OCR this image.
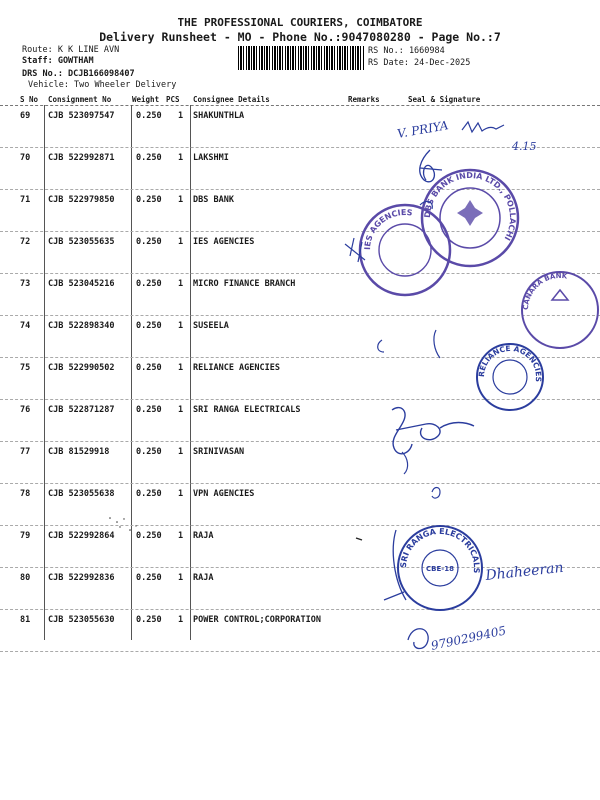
THE PROFESSIONAL COURIERS, COIMBATORE
Delivery Runsheet - MO - Phone No.:9047080280 - Page No.:7
Route: K K LINE AVN
Staff: GOWTHAM
DRS No.: DCJB166098407
Vehicle: Two Wheeler Delivery
RS No.: 1660984
RS Date: 24-Dec-2025
S No Consignment No	Weight PCS Consignee Details	Remarks	Seal & Signature
69 CJB 523097547	0.250 1 SHAKUNTHLA
70 CJB 522992871	0.250 1 LAKSHMI
71 CJB 522979850	0.250 1 DBS BANK
72 CJB 523055635	0.250 1 IES AGENCIES
73 CJB 523045216	0.250 1 MICRO FINANCE BRANCH
74 CJB 522898340	0.250 1 SUSEELA
75 CJB 522990502	0.250 1 RELIANCE AGENCIES
76 CJB 522871287	0.250 1 SRI RANGA ELECTRICALS
77 CJB 81529918	0.250 1 SRINIVASAN
78 CJB 523055638	0.250 1 VPN AGENCIES
79 CJB 522992864	0.250 1 RAJA
80 CJB 522992836	0.250 1 RAJA
81 CJB 523055630	0.250 1 POWER CONTROL;CORPORATION
V. PRIYA
4.15
DBS BANK INDIA LTD., POLLACHI
IES AGENCIES
CANARA BANK
RELIANCE AGENCIES
SRI RANGA ELECTRICALS
CBE-18 Dhaheeran
9790299405
